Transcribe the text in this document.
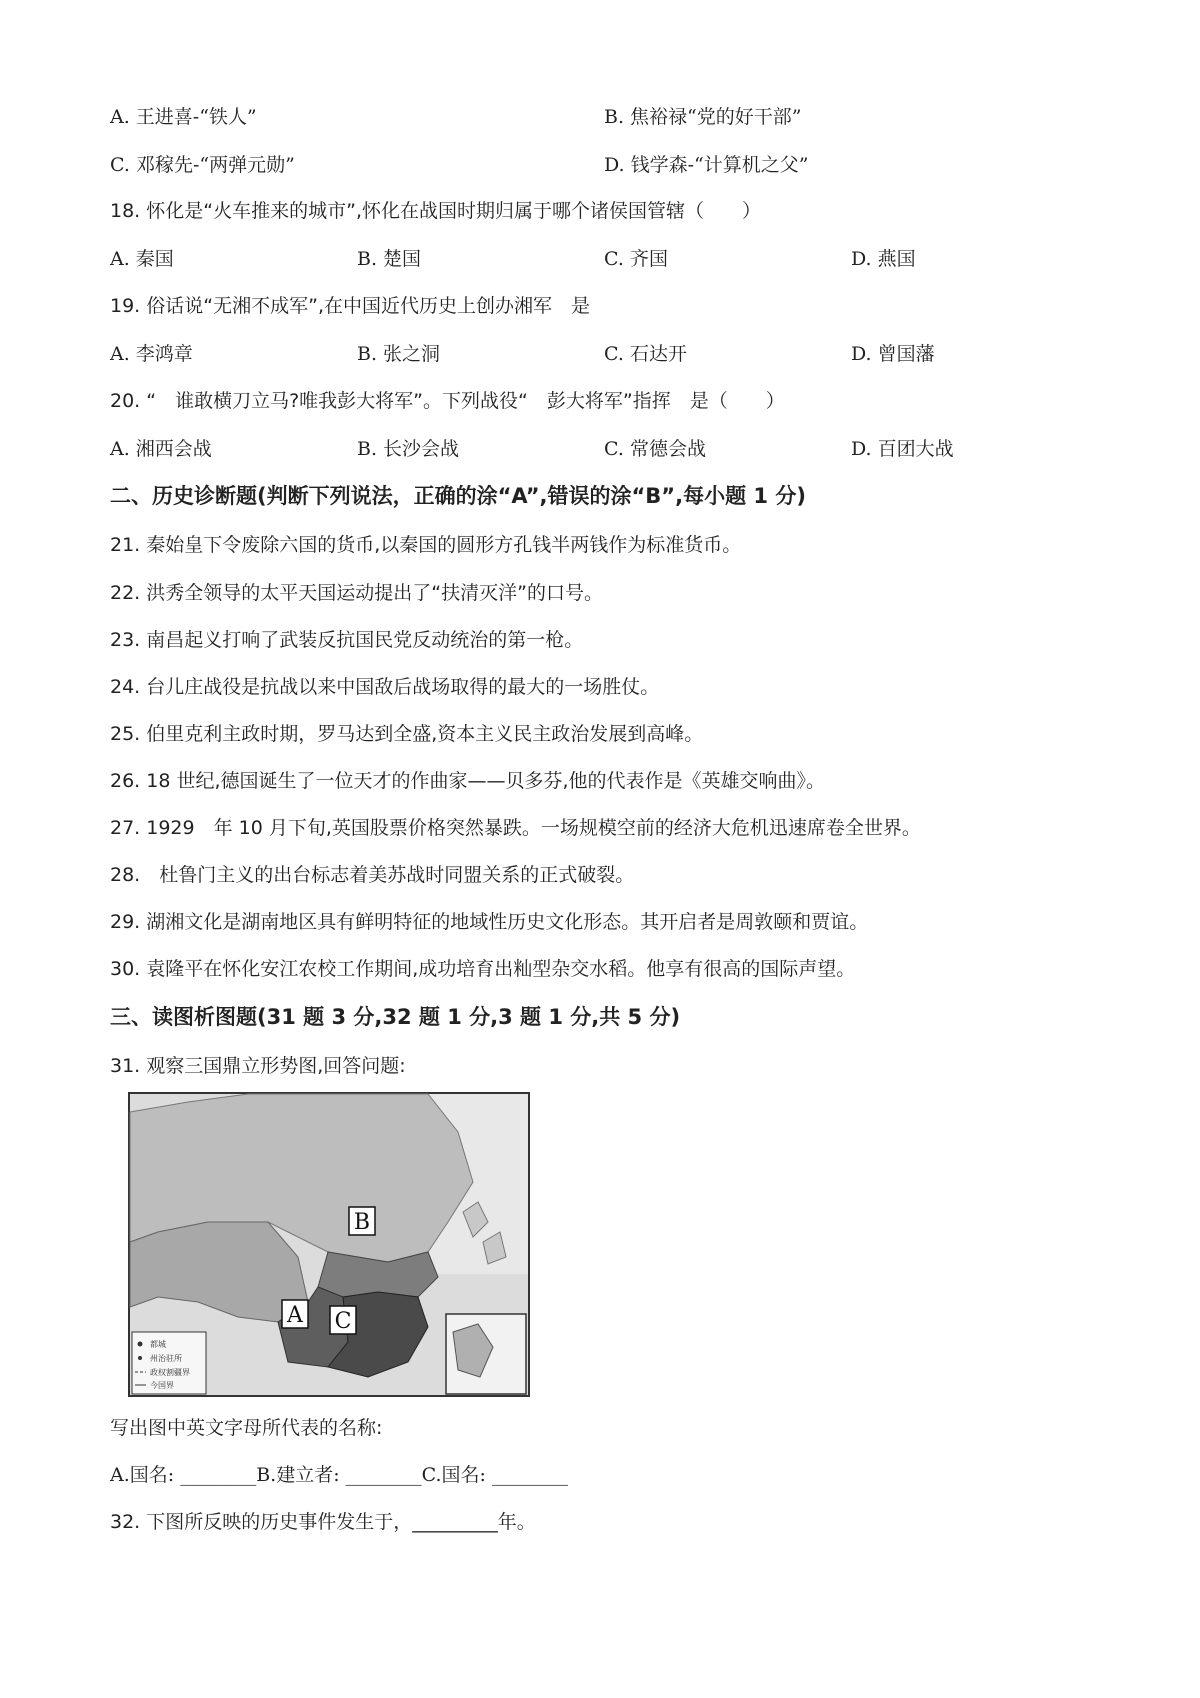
A. 王进喜-“铁人”	B. 焦裕禄“党的好干部”
C. 邓稼先-“两弹元勋”	D. 钱学森-“计算机之父”
18. 怀化是“火车推来的城市”,怀化在战国时期归属于哪个诸侯国管辖（　　）
A. 秦国	B. 楚国	C. 齐国	D. 燕国
19. 俗话说“无湘不成军”,在中国近代历史上创办湘军　是
A. 李鸿章	B. 张之洞	C. 石达开	D. 曾国藩
20. “　谁敢横刀立马?唯我彭大将军”。下列战役“　彭大将军”指挥　是（　　）
A. 湘西会战	B. 长沙会战	C. 常德会战	D. 百团大战
二、历史诊断题(判断下列说法，正确的涂“A”,错误的涂“B”,每小题 1 分)
21. 秦始皇下令废除六国的货币,以秦国的圆形方孔钱半两钱作为标准货币。
22. 洪秀全领导的太平天国运动提出了“扶清灭洋”的口号。
23. 南昌起义打响了武装反抗国民党反动统治的第一枪。
24. 台儿庄战役是抗战以来中国敌后战场取得的最大的一场胜仗。
25. 伯里克利主政时期，罗马达到全盛,资本主义民主政治发展到高峰。
26. 18 世纪,德国诞生了一位天才的作曲家——贝多芬,他的代表作是《英雄交响曲》。
27. 1929　年 10 月下旬,英国股票价格突然暴跌。一场规模空前的经济大危机迅速席卷全世界。
28.　杜鲁门主义的出台标志着美苏战时同盟关系的正式破裂。
29. 湖湘文化是湖南地区具有鲜明特征的地域性历史文化形态。其开启者是周敦颐和贾谊。
30. 袁隆平在怀化安江农校工作期间,成功培育出籼型杂交水稻。他享有很高的国际声望。
三、读图析图题(31 题 3 分,32 题 1 分,3 题 1 分,共 5 分)
31. 观察三国鼎立形势图,回答问题:
都城
州治驻所
政权割疆界
今国界
B
A C
写出图中英文字母所代表的名称:
A.国名: ________B.建立者: ________C.国名: ________
32. 下图所反映的历史事件发生于，_________年。
